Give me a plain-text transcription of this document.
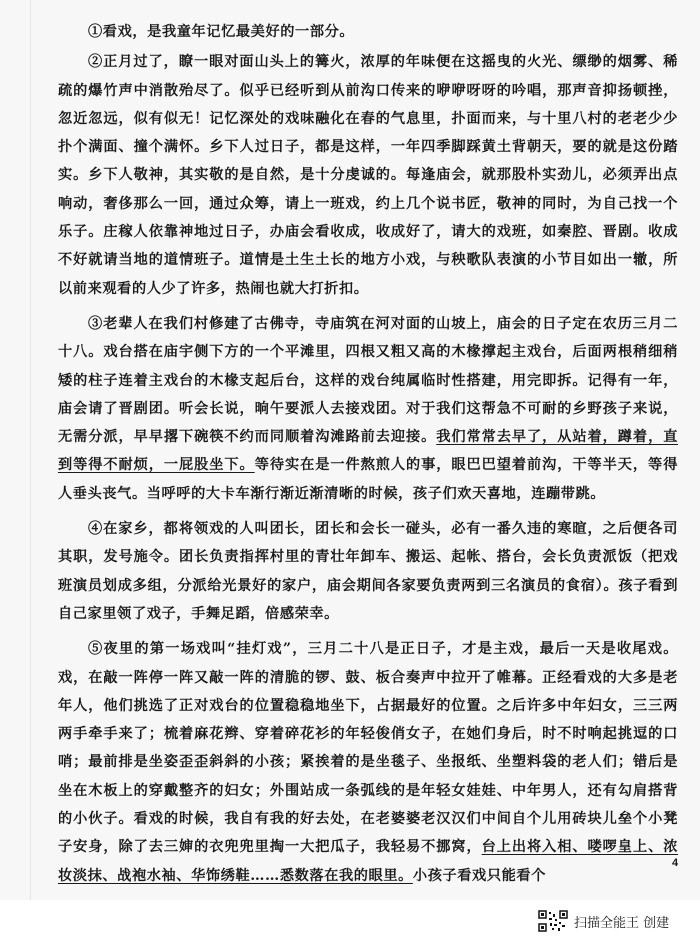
①看戏，是我童年记忆最美好的一部分。

②正月过了，瞭一眼对面山头上的篝火，浓厚的年味便在这摇曳的火光、缥缈的烟雾、稀疏的爆竹声中消散殆尽了。似乎已经听到从前沟口传来的咿咿呀呀的吟唱，那声音抑扬顿挫，忽近忽远，似有似无！记忆深处的戏味融化在春的气息里，扑面而来，与十里八村的老老少少扑个满面、撞个满怀。乡下人过日子，都是这样，一年四季脚踩黄土背朝天，要的就是这份踏实。乡下人敬神，其实敬的是自然，是十分虔诚的。每逢庙会，就那股朴实劲儿，必须弄出点响动，奢侈那么一回，通过众筹，请上一班戏，约上几个说书匠，敬神的同时，为自己找一个乐子。庄稼人依靠神地过日子，办庙会看收成，收成好了，请大的戏班，如秦腔、晋剧。收成不好就请当地的道情班子。道情是土生土长的地方小戏，与秧歌队表演的小节目如出一辙，所以前来观看的人少了许多，热闹也就大打折扣。

③老辈人在我们村修建了古佛寺，寺庙筑在河对面的山坡上，庙会的日子定在农历三月二十八。戏台搭在庙宇侧下方的一个平滩里，四根又粗又高的木椽撑起主戏台，后面两根稍细稍矮的柱子连着主戏台的木椽支起后台，这样的戏台纯属临时性搭建，用完即拆。记得有一年，庙会请了晋剧团。听会长说，晌午要派人去接戏团。对于我们这帮急不可耐的乡野孩子来说，无需分派，早早撂下碗筷不约而同顺着沟滩路前去迎接。我们常常去早了，从站着，蹲着，直到等得不耐烦，一屁股坐下。等待实在是一件熬煎人的事，眼巴巴望着前沟，干等半天，等得人垂头丧气。当呼呼的大卡车渐行渐近渐清晰的时候，孩子们欢天喜地，连蹦带跳。

④在家乡，都将领戏的人叫团长，团长和会长一碰头，必有一番久违的寒暄，之后便各司其职，发号施令。团长负责指挥村里的青壮年卸车、搬运、起帐、搭台，会长负责派饭（把戏班演员划成多组，分派给光景好的家户，庙会期间各家要负责两到三名演员的食宿）。孩子看到自己家里领了戏子，手舞足蹈，倍感荣幸。

⑤夜里的第一场戏叫“挂灯戏”，三月二十八是正日子，才是主戏，最后一天是收尾戏。戏，在敲一阵停一阵又敲一阵的清脆的锣、鼓、板合奏声中拉开了帷幕。正经看戏的大多是老年人，他们挑选了正对戏台的位置稳稳地坐下，占据最好的位置。之后许多中年妇女，三三两两手牵手来了；梳着麻花辫、穿着碎花衫的年轻俊俏女子，在她们身后，时不时响起挑逗的口哨；最前排是坐姿歪歪斜斜的小孩；紧挨着的是坐毯子、坐报纸、坐塑料袋的老人们；错后是坐在木板上的穿戴整齐的妇女；外围站成一条弧线的是年轻女娃娃、中年男人，还有勾肩搭背的小伙子。看戏的时候，我自有我的好去处，在老婆婆老汉汉们中间自个儿用砖块儿垒个小凳子安身，除了去三婶的衣兜兜里掏一大把瓜子，我轻易不挪窝，台上出将入相、喽啰皇上、浓妆淡抹、战袍水袖、华饰绣鞋……悉数落在我的眼里。小孩子看戏只能看个

4
扫描全能王 创建
